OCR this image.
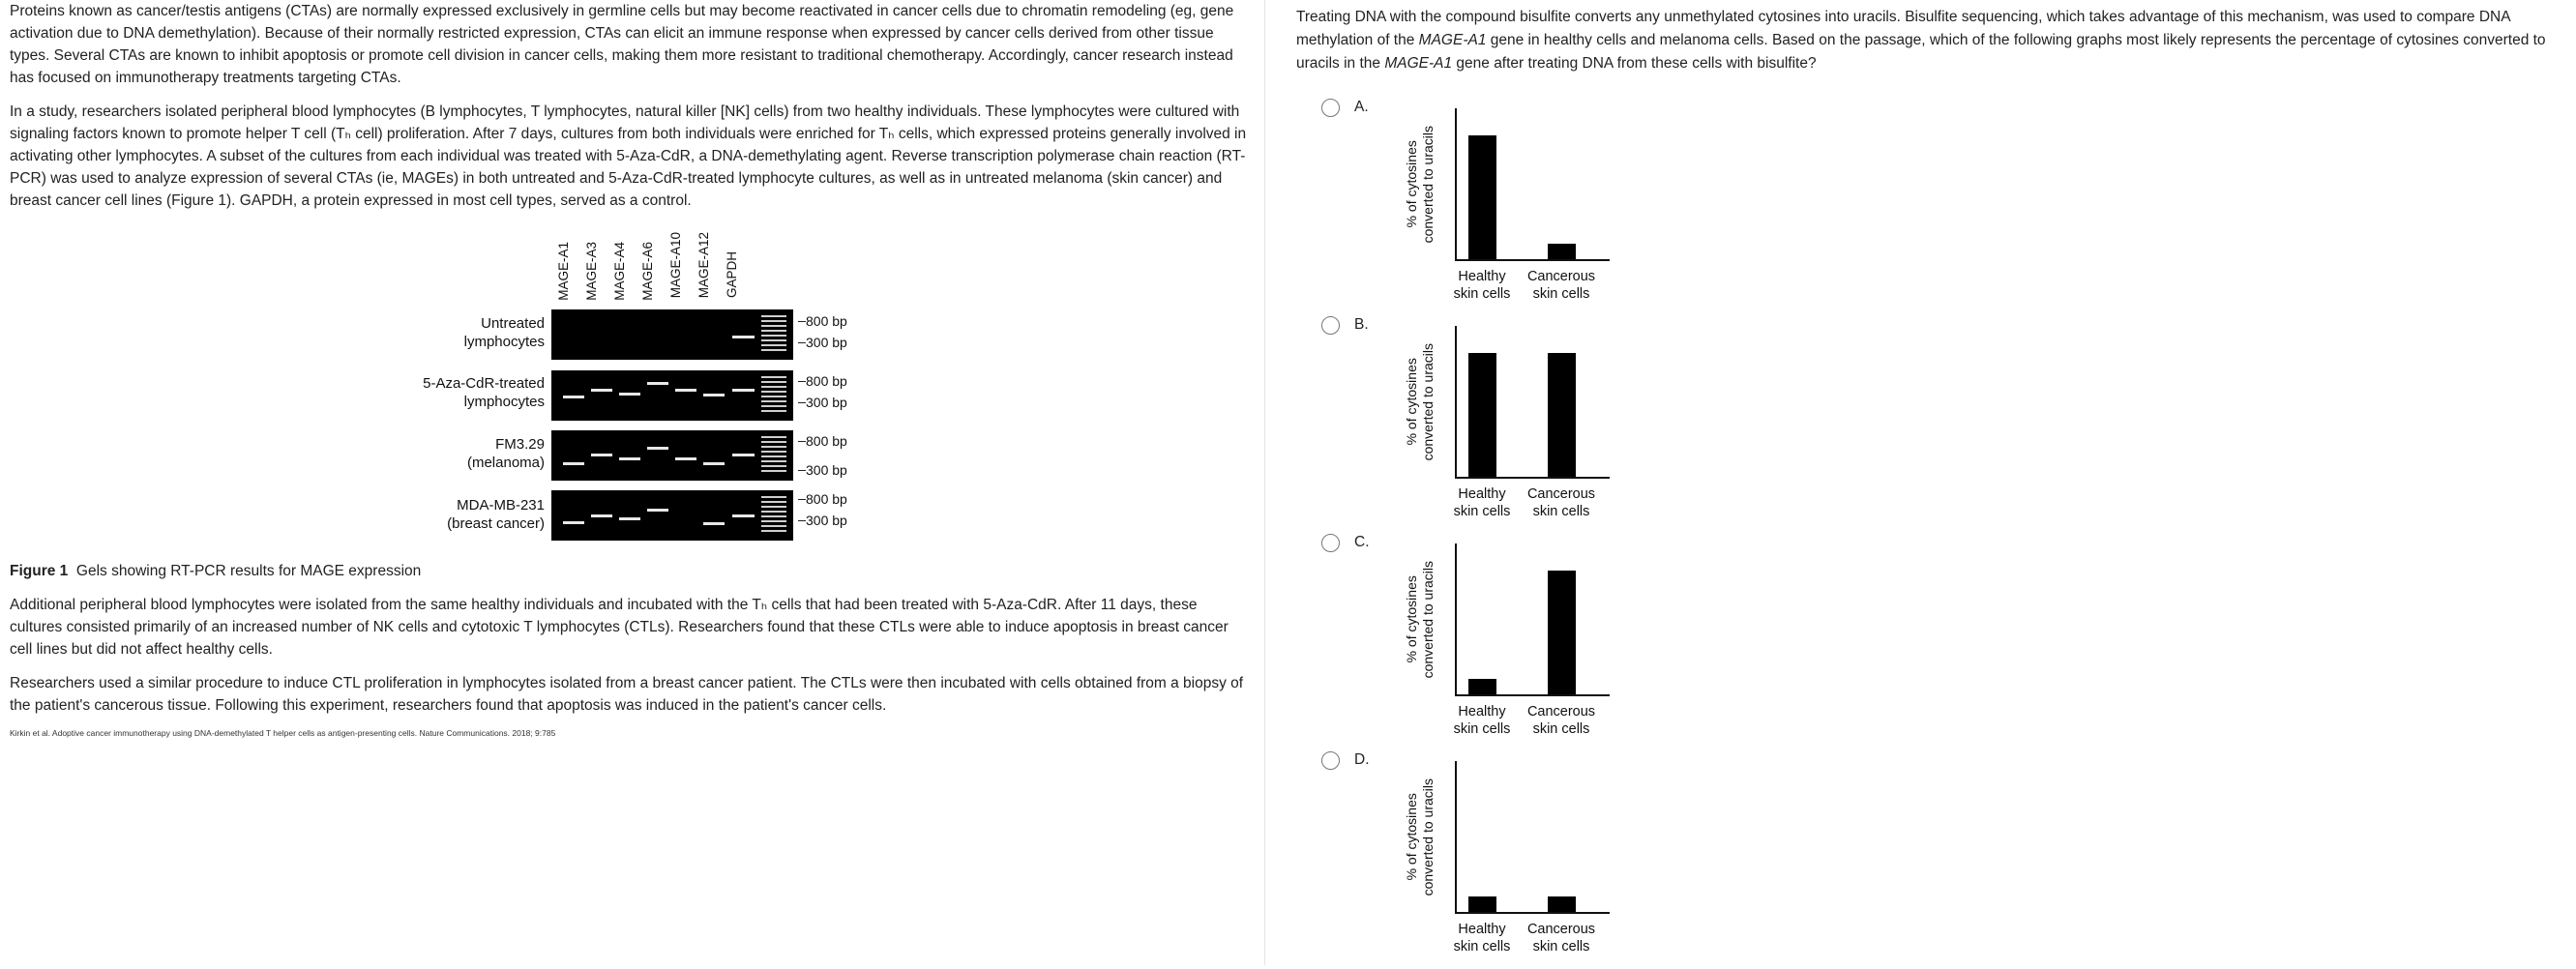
Proteins known as cancer/testis antigens (CTAs) are normally expressed exclusively in germline cells but may become reactivated in cancer cells due to chromatin remodeling (eg, gene activation due to DNA demethylation). Because of their normally restricted expression, CTAs can elicit an immune response when expressed by cancer cells derived from other tissue types. Several CTAs are known to inhibit apoptosis or promote cell division in cancer cells, making them more resistant to traditional chemotherapy. Accordingly, cancer research instead has focused on immunotherapy treatments targeting CTAs.

In a study, researchers isolated peripheral blood lymphocytes (B lymphocytes, T lymphocytes, natural killer [NK] cells) from two healthy individuals. These lymphocytes were cultured with signaling factors known to promote helper T cell (Tₕ cell) proliferation. After 7 days, cultures from both individuals were enriched for Tₕ cells, which expressed proteins generally involved in activating other lymphocytes. A subset of the cultures from each individual was treated with 5-Aza-CdR, a DNA-demethylating agent. Reverse transcription polymerase chain reaction (RT-PCR) was used to analyze expression of several CTAs (ie, MAGEs) in both untreated and 5-Aza-CdR-treated lymphocyte cultures, as well as in untreated melanoma (skin cancer) and breast cancer cell lines (Figure 1). GAPDH, a protein expressed in most cell types, served as a control.

MAGE-A1 MAGE-A3 MAGE-A4 MAGE-A6 MAGE-A10 MAGE-A12 GAPDH
Untreated
lymphocytes
800 bp
300 bp
5-Aza-CdR-treated
lymphocytes
800 bp
300 bp
FM3.29
(melanoma)
800 bp
300 bp
MDA-MB-231
(breast cancer)
800 bp
300 bp

Figure 1 Gels showing RT-PCR results for MAGE expression

Additional peripheral blood lymphocytes were isolated from the same healthy individuals and incubated with the Tₕ cells that had been treated with 5-Aza-CdR. After 11 days, these cultures consisted primarily of an increased number of NK cells and cytotoxic T lymphocytes (CTLs). Researchers found that these CTLs were able to induce apoptosis in breast cancer cell lines but did not affect healthy cells.

Researchers used a similar procedure to induce CTL proliferation in lymphocytes isolated from a breast cancer patient. The CTLs were then incubated with cells obtained from a biopsy of the patient's cancerous tissue. Following this experiment, researchers found that apoptosis was induced in the patient's cancer cells.

Kirkin et al. Adoptive cancer immunotherapy using DNA-demethylated T helper cells as antigen-presenting cells. Nature Communications. 2018; 9:785

Treating DNA with the compound bisulfite converts any unmethylated cytosines into uracils. Bisulfite sequencing, which takes advantage of this mechanism, was used to compare DNA methylation of the MAGE-A1 gene in healthy cells and melanoma cells. Based on the passage, which of the following graphs most likely represents the percentage of cytosines converted to uracils in the MAGE-A1 gene after treating DNA from these cells with bisulfite?

A.
% of cytosines
converted to uracils
Healthy
skin cells
Cancerous
skin cells
B.
% of cytosines
converted to uracils
Healthy
skin cells
Cancerous
skin cells
C.
% of cytosines
converted to uracils
Healthy
skin cells
Cancerous
skin cells
D.
% of cytosines
converted to uracils
Healthy
skin cells
Cancerous
skin cells
